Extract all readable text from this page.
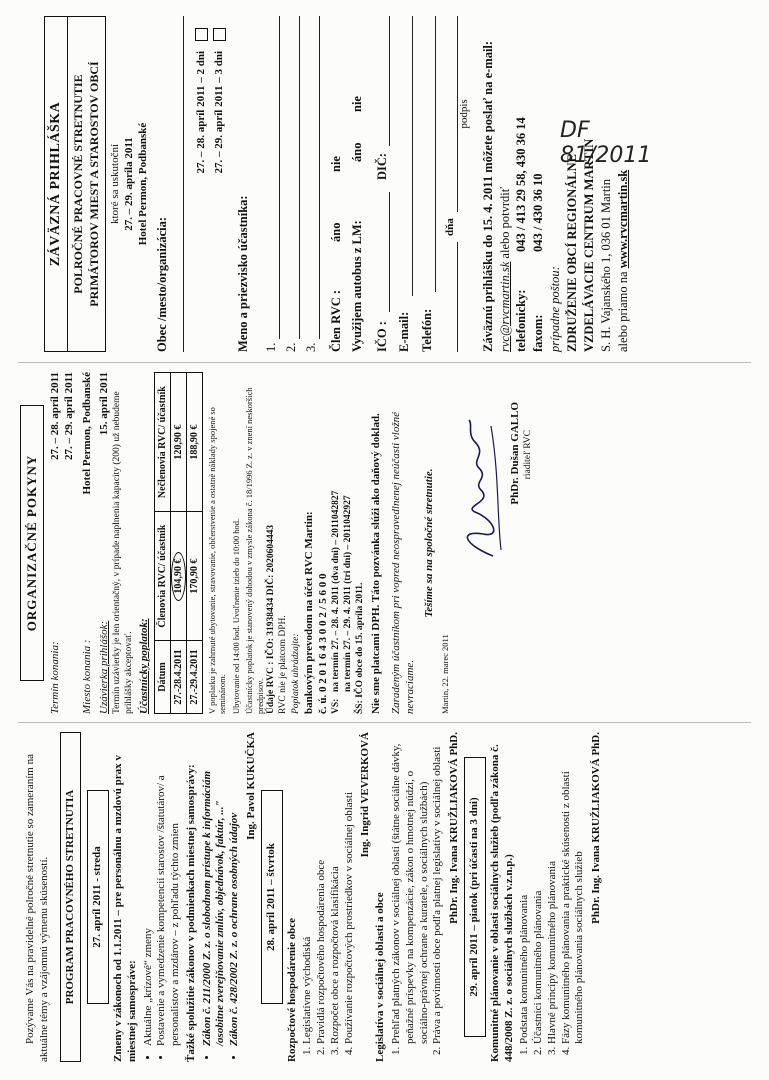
Pozývame Vás na pravidelné polročné stretnutie so zameraním na aktuálne témy a vzájomnú výmenu skúseností.	PROGRAM PRACOVNÉHO STRETNUTIA	27. apríl 2011 - streda Zmeny v zákonoch od 1.1.2011 – pre personálnu a mzdovú prax v miestnej samospráve: • Aktuálne „krízové“ zmeny • Postavenie a vymedzenie kompetencií starostov /štatutárov/ a personalistov a mzdárov – z pohľadu týchto zmien Ťažké spolužitie zákonov v podmienkach miestnej samosprávy: • Zákon č. 211/2000 Z. z. o slobodnom prístupe k informáciám /osobitne zverejňovanie zmlúv, objednávok, faktúr, ..." • Zákon č. 428/2002 Z. z. o ochrane osobných údajov

Ing. Pavol KUKUČKA

28. apríl 2011 – štvrtok

Rozpočtové hospodárenie obce 1. Legislatívne východiská 2. Pravidlá rozpočtového hospodárenia obce 3. Rozpočet obce a rozpočtová klasifikácia 4. Používanie rozpočtových prostriedkov v sociálnej oblasti Ing. Ingrid VEVERKOVÁ

Legislatíva v sociálnej oblasti a obce 1. Prehľad platných zákonov v sociálnej oblasti (štátne sociálne dávky, peňažné príspevky na kompenzácie, zákon o hmotnej núdzi, o sociálno-právnej ochrane a kuratele, o sociálnych službách) 2. Práva a povinnosti obce podľa platnej legislatívy v sociálnej oblasti PhDr. Ing. Ivana KRUŽLIAKOVÁ PhD. 29. apríl 2011 – piatok (pri účasti na 3 dni) Komunitné plánovanie v oblasti sociálnych služieb (podľa zákona č. 448/2008 Z. z. o sociálnych službách v.z.n.p.) 1. Podstata komunitného plánovania 2. Účastníci komunitného plánovania 3. Hlavné princípy komunitného plánovania 4. Fázy komunitného plánovania a praktické skúsenosti z oblasti komunitného plánovania sociálnych služieb

PhDr. Ing. Ivana KRUŽLIAKOVÁ PhD.

ORGANIZAČNÉ POKYNY
Termín konania:
27. – 28. apríl 2011 27. – 29. apríl 2011
Miesto konania :
Hotel Permon, Podbanské
Uzávierka prihlášok:
15. apríl 2011 Termín uzávierky je len orientačný, v prípade naplnenia kapacity (200) už nebudeme prihlášky akceptovať. Účastnícky poplatok: Dátum	Členovia RVC/ účastník	Nečlenovia RVC/ účastník
27.-28.4.2011	104,90 €	120,90 €
27.-29.4.2011	170,90 €	188,90 € V poplatku je zahrnuté ubytovanie, stravovanie, občerstvenie a ostatné náklady spojené so seminárom. Ubytovanie od 14:00 hod. Uvoľnenie izieb do 10:00 hod. Účastnícky poplatok je stanovený dohodou v zmysle zákona č. 18/1996 Z. z. v znení neskorších predpisov. Údaje RVC : IČO: 31938434 DIČ: 2020604443 RVC nie je platcom DPH. Poplatok uhrádzajte: bankovým prevodom na účet RVC Martin: č. ú. 0 2 0 1 6 4 3 0 0 2 / 5 6 0 0 VS:
na termín 27. – 28. 4. 2011 (dva dni) – 2011042827 na termín 27. – 29. 4. 2011 (tri dni) – 2011042927 ŠS: IČO obce do 15. apríla 2011. Nie sme platcami DPH. Táto pozvánka slúži ako daňový doklad. Zaradeným účastníkom pri vopred neospravedlnenej neúčasti vložné nevraciame.

Tešíme sa na spoločné stretnutie.

Martin, 22. marec 2011

PhDr. Dušan GALLO riaditeľ RVC

ZÁVÄZNÁ PRIHLÁŠKA POLROČNÉ PRACOVNÉ STRETNUTIE PRIMÁTOROV MIEST A STAROSTOV OBCÍ ktoré sa uskutoční 27. – 29. apríla 2011 Hotel Permon, Podbanské

Obec /mesto/organizácia:

27. – 28. apríl 2011 – 2 dni 27. – 29. apríl 2011 – 3 dni

Meno a priezvisko účastníka: 1. 2. 3. Člen RVC :
áno
nie
Využijem autobus z LM:
áno
nie
IČO :
DIČ:
E-mail: Telefón:
dňa
podpis Záväznú prihlášku do 15. 4. 2011 môžete poslať na e-mail: rvc@rvcmartin.sk alebo potvrdiť

telefonicky:
043 / 413 29 58, 430 36 14
faxom:
043 / 430 36 10

prípadne poštou: ZDRUŽENIE OBCÍ REGIONÁLNE VZDELÁVACIE CENTRUM MARTIN S. H. Vajanského 1, 036 01 Martin alebo priamo na www.rvcmartin.sk

DF 81/2011
